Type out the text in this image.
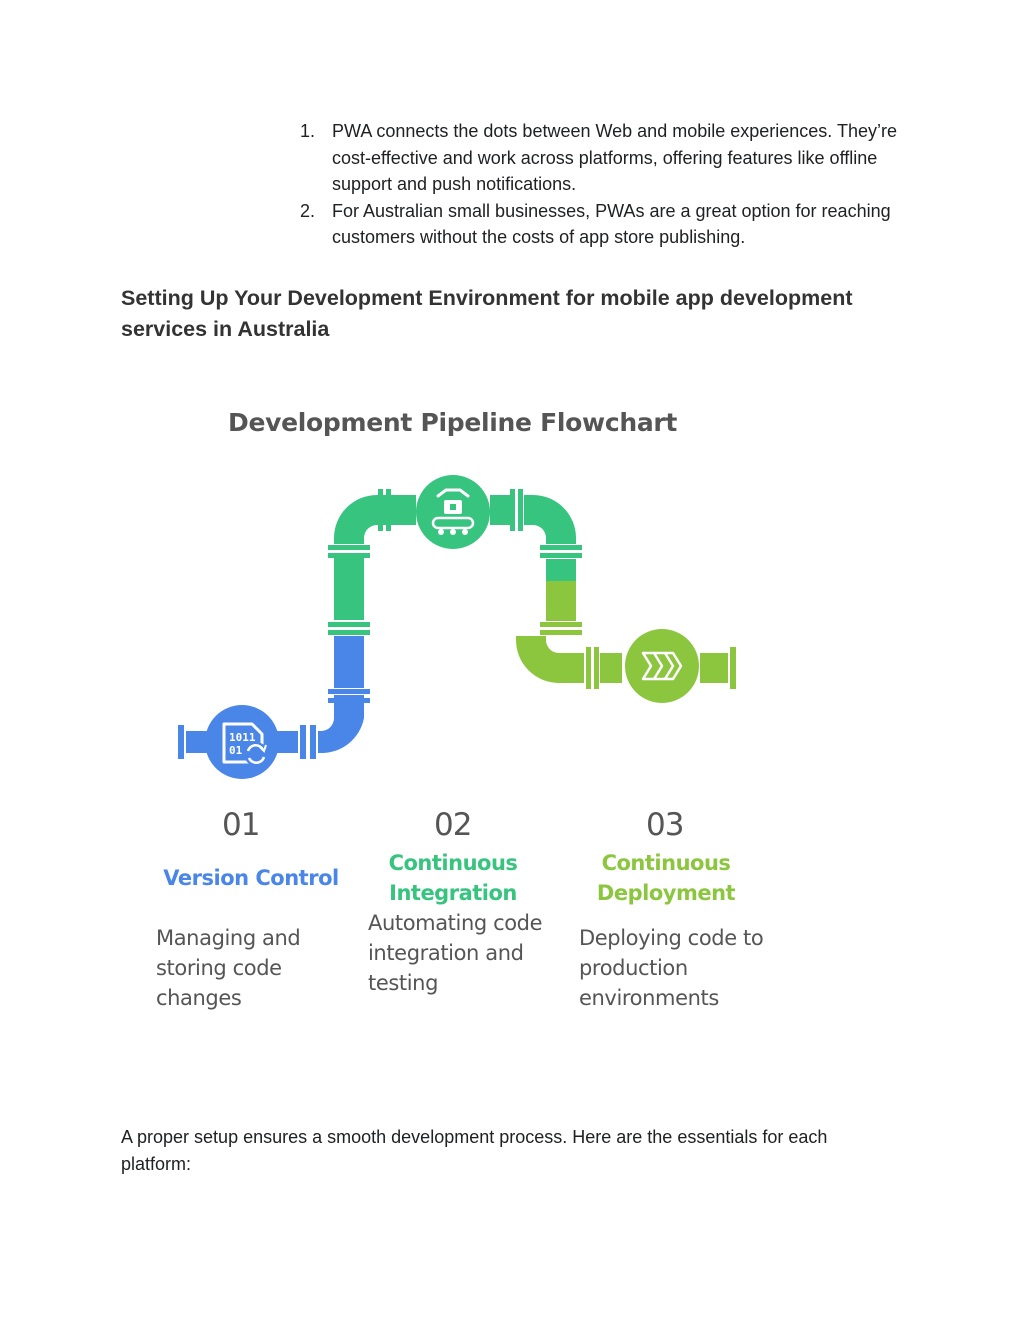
1. PWA connects the dots between Web and mobile experiences. They’re cost-effective and work across platforms, offering features like offline support and push notifications.
2. For Australian small businesses, PWAs are a great option for reaching customers without the costs of app store publishing.
Setting Up Your Development Environment for mobile app development services in Australia
Development Pipeline Flowchart
1011
01
01	02	03
Version Control
Continuous Integration
Continuous Deployment
Managing and storing code changes
Automating code integration and testing
Deploying code to production environments

A proper setup ensures a smooth development process. Here are the essentials for each platform:
